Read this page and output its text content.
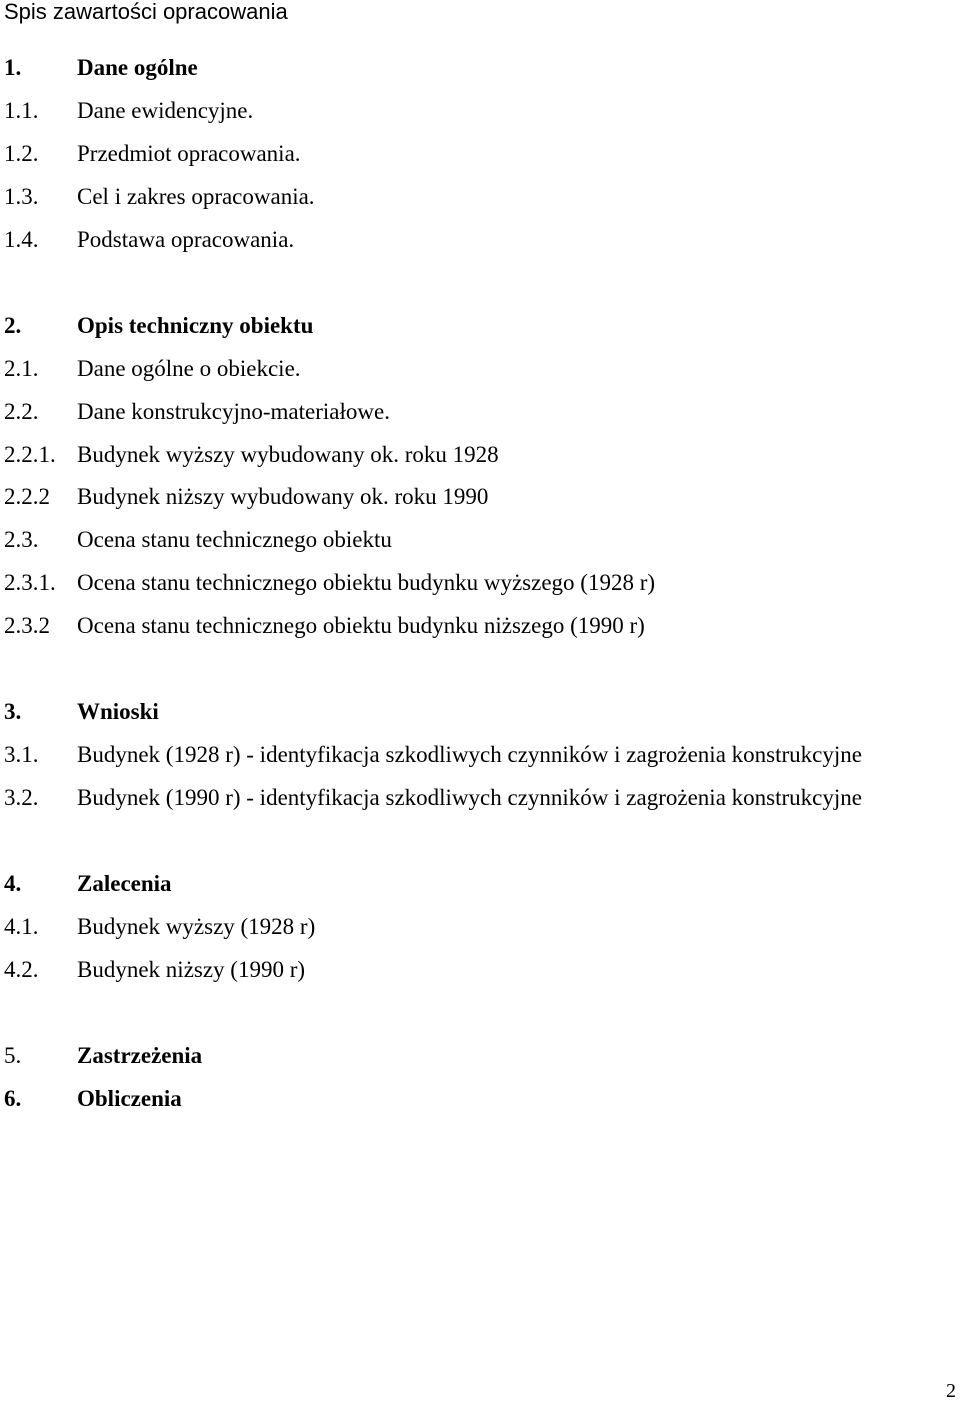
Spis zawartości opracowania
1. Dane ogólne
1.1. Dane ewidencyjne.
1.2. Przedmiot opracowania.
1.3. Cel i zakres opracowania.
1.4. Podstawa opracowania.
2. Opis techniczny obiektu
2.1. Dane ogólne o obiekcie.
2.2. Dane konstrukcyjno-materiałowe.
2.2.1. Budynek wyższy wybudowany ok. roku 1928
2.2.2 Budynek niższy wybudowany ok. roku 1990
2.3. Ocena stanu technicznego obiektu
2.3.1. Ocena stanu technicznego obiektu budynku wyższego (1928 r)
2.3.2 Ocena stanu technicznego obiektu budynku niższego (1990 r)
3. Wnioski
3.1. Budynek (1928 r) - identyfikacja szkodliwych czynników i zagrożenia konstrukcyjne
3.2. Budynek (1990 r) - identyfikacja szkodliwych czynników i zagrożenia konstrukcyjne
4. Zalecenia
4.1. Budynek wyższy (1928 r)
4.2. Budynek niższy (1990 r)
5. Zastrzeżenia
6. Obliczenia
2
